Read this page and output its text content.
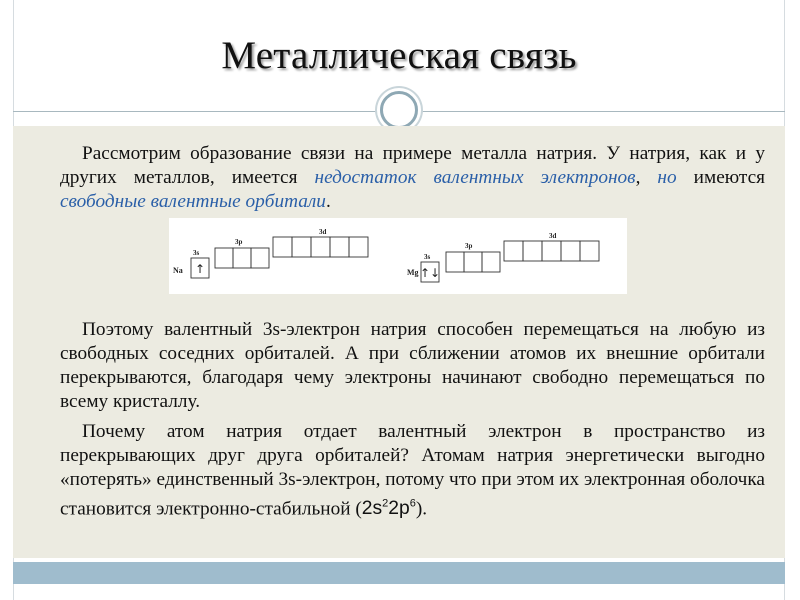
Металлическая связь

Рассмотрим образование связи на примере металла натрия. У натрия, как и у других металлов, имеется недостаток валентных электронов, но имеются свободные валентные орбитали.

Na
3s
3p
3d
Mg
3s
3p
3d
↑	↑↓

Поэтому валентный 3s-электрон натрия способен перемещаться на любую из свободных соседних орбиталей. А при сближении атомов их внешние орбитали перекрываются, благодаря чему электроны начинают свободно перемещаться по всему кристаллу.

Почему атом натрия отдает валентный электрон в пространство из перекрывающих друг друга орбиталей? Атомам натрия энергетически выгодно «потерять» единственный 3s-электрон, потому что при этом их электронная оболочка становится электронно-стабильной $(2s^22p^6)$.
